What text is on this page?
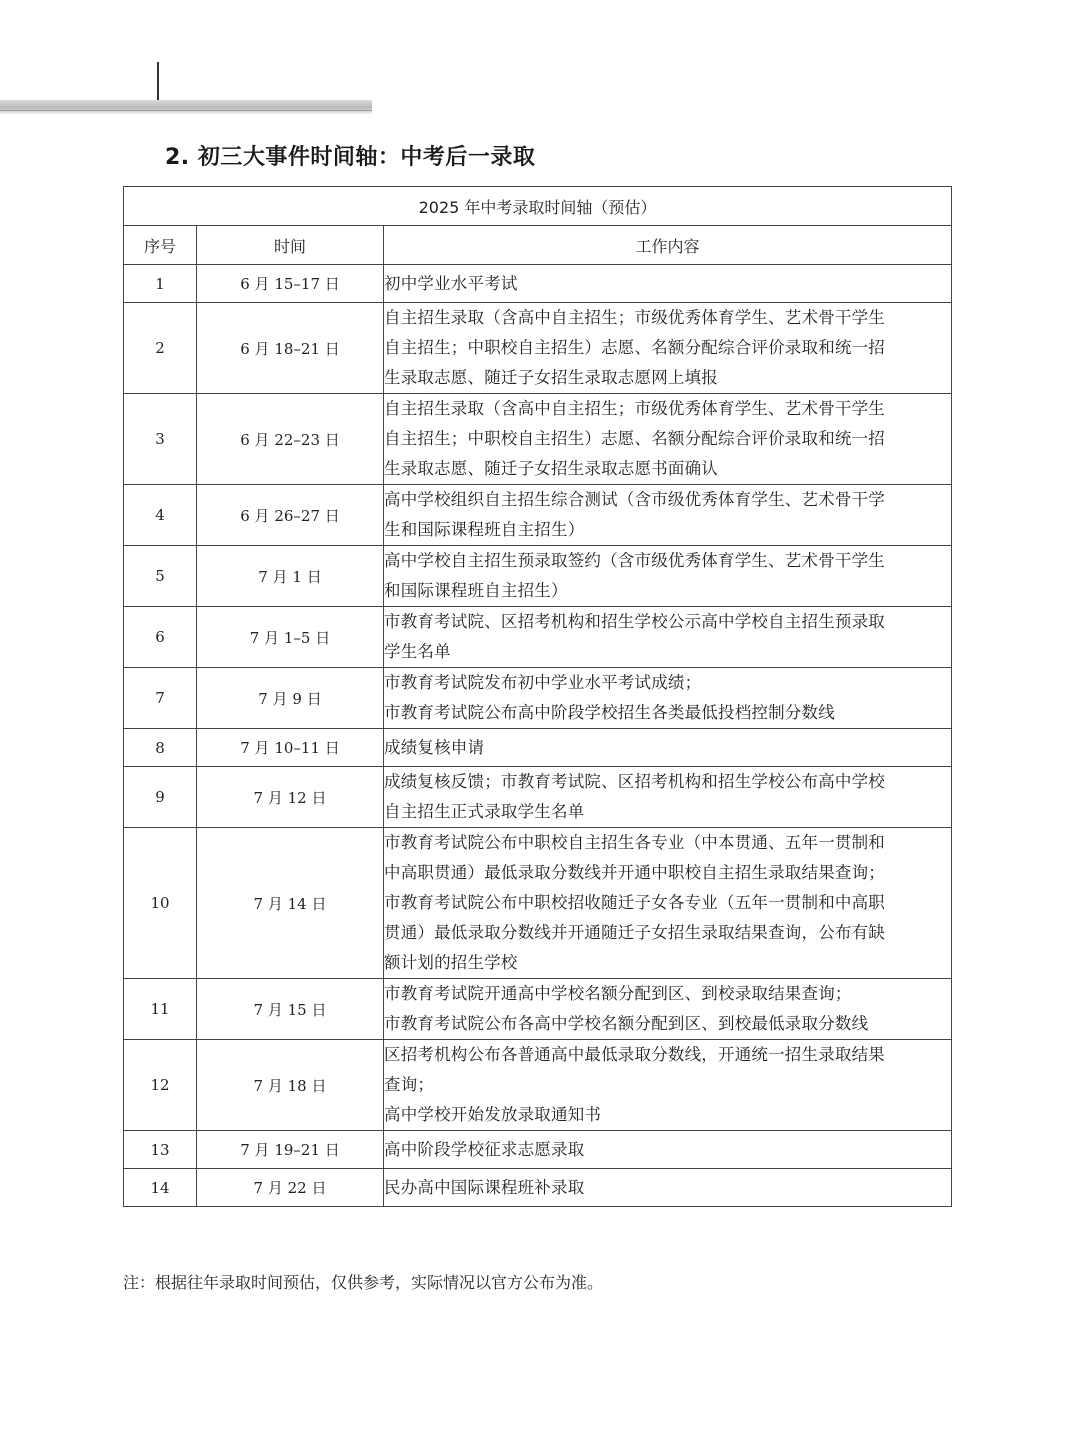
2. 初三大事件时间轴：中考后一录取
2025 年中考录取时间轴（预估）		
序号	时间	工作内容
1	6 月 15–17 日	初中学业水平考试

2	6 月 18–21 日	自主招生录取（含高中自主招生；市级优秀体育学生、艺术骨干学生
自主招生；中职校自主招生）志愿、名额分配综合评价录取和统一招
生录取志愿、随迁子女招生录取志愿网上填报

3	6 月 22–23 日	自主招生录取（含高中自主招生；市级优秀体育学生、艺术骨干学生
自主招生；中职校自主招生）志愿、名额分配综合评价录取和统一招
生录取志愿、随迁子女招生录取志愿书面确认

4	6 月 26–27 日	高中学校组织自主招生综合测试（含市级优秀体育学生、艺术骨干学
生和国际课程班自主招生）

5	7 月 1 日	高中学校自主招生预录取签约（含市级优秀体育学生、艺术骨干学生
和国际课程班自主招生）

6	7 月 1–5 日	市教育考试院、区招考机构和招生学校公示高中学校自主招生预录取
学生名单

7	7 月 9 日	市教育考试院发布初中学业水平考试成绩；
市教育考试院公布高中阶段学校招生各类最低投档控制分数线

8	7 月 10–11 日	成绩复核申请

9	7 月 12 日	成绩复核反馈；市教育考试院、区招考机构和招生学校公布高中学校
自主招生正式录取学生名单

10	7 月 14 日	市教育考试院公布中职校自主招生各专业（中本贯通、五年一贯制和
中高职贯通）最低录取分数线并开通中职校自主招生录取结果查询；
市教育考试院公布中职校招收随迁子女各专业（五年一贯制和中高职
贯通）最低录取分数线并开通随迁子女招生录取结果查询，公布有缺
额计划的招生学校

11	7 月 15 日	市教育考试院开通高中学校名额分配到区、到校录取结果查询；
市教育考试院公布各高中学校名额分配到区、到校最低录取分数线

12	7 月 18 日	区招考机构公布各普通高中最低录取分数线，开通统一招生录取结果
查询；
高中学校开始发放录取通知书

13	7 月 19–21 日	高中阶段学校征求志愿录取

14	7 月 22 日	民办高中国际课程班补录取

注：根据往年录取时间预估，仅供参考，实际情况以官方公布为准。
